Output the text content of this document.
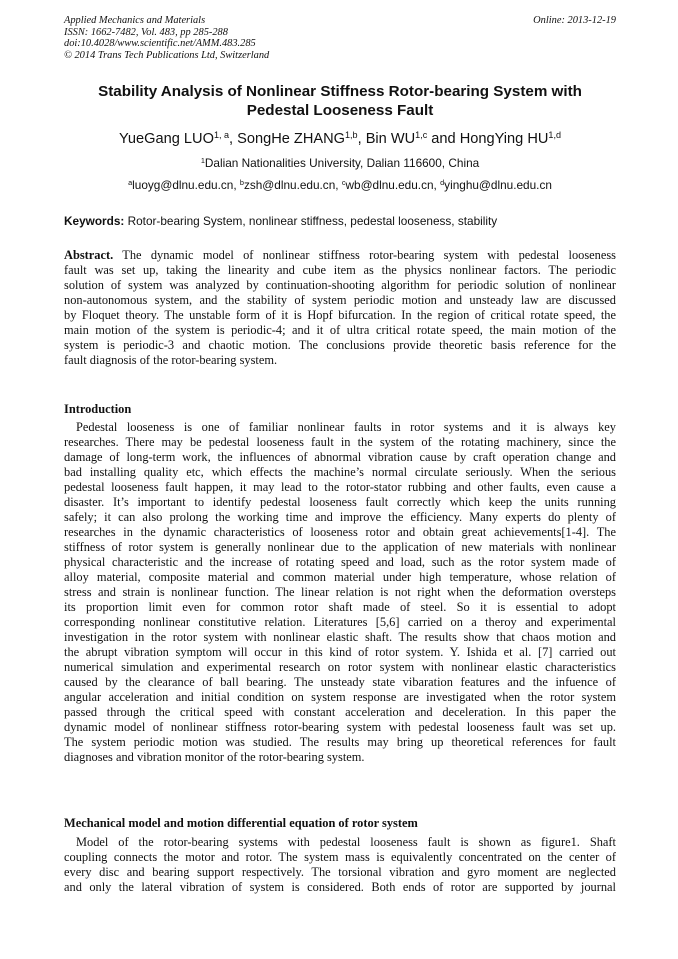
Applied Mechanics and Materials
ISSN: 1662-7482, Vol. 483, pp 285-288
doi:10.4028/www.scientific.net/AMM.483.285
© 2014 Trans Tech Publications Ltd, Switzerland
Online: 2013-12-19
Stability Analysis of Nonlinear Stiffness Rotor-bearing System with
Pedestal Looseness Fault
YueGang LUO$^{1, a}$, SongHe ZHANG$^{1,b}$, Bin WU$^{1,c}$ and HongYing HU$^{1,d}$
$^1$Dalian Nationalities University, Dalian 116600, China
$^a$luoyg@dlnu.edu.cn, $^b$zsh@dlnu.edu.cn, $^c$wb@dlnu.edu.cn, $^d$yinghu@dlnu.edu.cn
Keywords: Rotor-bearing System, nonlinear stiffness, pedestal looseness, stability
Abstract. The dynamic model of nonlinear stiffness rotor-bearing system with pedestal looseness
fault was set up, taking the linearity and cube item as the physics nonlinear factors. The periodic
solution of system was analyzed by continuation-shooting algorithm for periodic solution of nonlinear
non-autonomous system, and the stability of system periodic motion and unsteady law are discussed
by Floquet theory. The unstable form of it is Hopf bifurcation. In the region of critical rotate speed, the
main motion of the system is periodic-4; and it of ultra critical rotate speed, the main motion of the
system is periodic-3 and chaotic motion. The conclusions provide theoretic basis reference for the
fault diagnosis of the rotor-bearing system.
Introduction
Pedestal looseness is one of familiar nonlinear faults in rotor systems and it is always key
researches. There may be pedestal looseness fault in the system of the rotating machinery, since the
damage of long-term work, the influences of abnormal vibration cause by craft operation change and
bad installing quality etc, which effects the machine’s normal circulate seriously. When the serious
pedestal looseness fault happen, it may lead to the rotor-stator rubbing and other faults, even cause a
disaster. It’s important to identify pedestal looseness fault correctly which keep the units running
safely; it can also prolong the working time and improve the efficiency. Many experts do plenty of
researches in the dynamic characteristics of looseness rotor and obtain great achievements[1-4]. The
stiffness of rotor system is generally nonlinear due to the application of new materials with nonlinear
physical characteristic and the increase of rotating speed and load, such as the rotor system made of
alloy material, composite material and common material under high temperature, whose relation of
stress and strain is nonlinear function. The linear relation is not right when the deformation oversteps
its proportion limit even for common rotor shaft made of steel. So it is essential to adopt
corresponding nonlinear constitutive relation. Literatures [5,6] carried on a theroy and experimental
investigation in the rotor system with nonlinear elastic shaft. The results show that chaos motion and
the abrupt vibration symptom will occur in this kind of rotor system. Y. Ishida et al. [7] carried out
numerical simulation and experimental research on rotor system with nonlinear elastic characteristics
caused by the clearance of ball bearing. The unsteady state vibaration features and the infuence of
angular acceleration and initial condition on system response are investigated when the rotor system
passed through the critical speed with constant acceleration and deceleration. In this paper the
dynamic model of nonlinear stiffness rotor-bearing system with pedestal looseness fault was set up.
The system periodic motion was studied. The results may bring up theoretical references for fault
diagnoses and vibration monitor of the rotor-bearing system.
Mechanical model and motion differential equation of rotor system
Model of the rotor-bearing systems with pedestal looseness fault is shown as figure1. Shaft
coupling connects the motor and rotor. The system mass is equivalently concentrated on the center of
every disc and bearing support respectively. The torsional vibration and gyro moment are neglected
and only the lateral vibration of system is considered. Both ends of rotor are supported by journal
